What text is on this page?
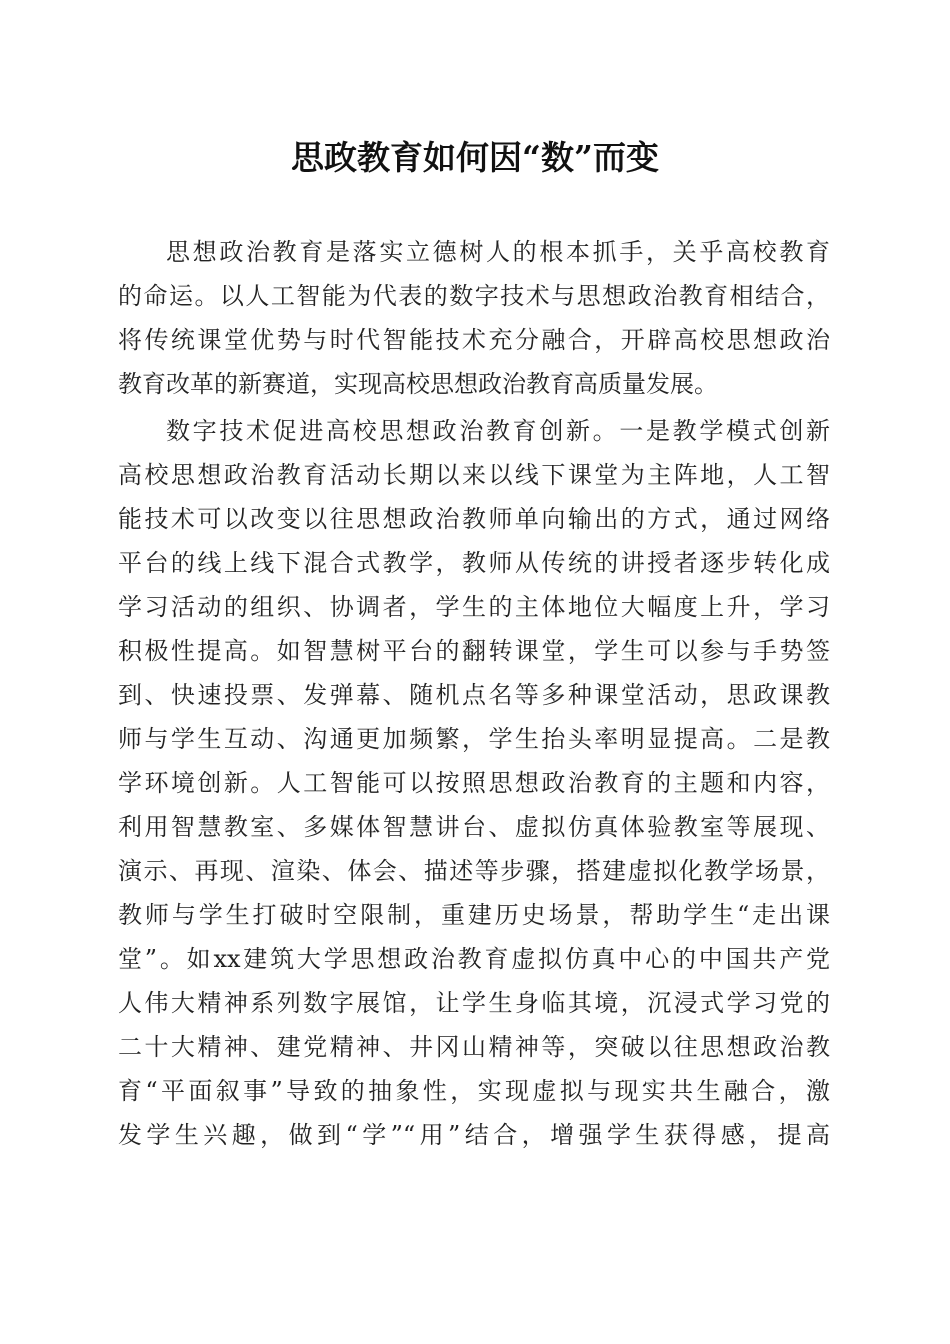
思政教育如何因“数”而变
思想政治教育是落实立德树人的根本抓手，关乎高校教育
的命运。以人工智能为代表的数字技术与思想政治教育相结合，
将传统课堂优势与时代智能技术充分融合，开辟高校思想政治
教育改革的新赛道，实现高校思想政治教育高质量发展。
数字技术促进高校思想政治教育创新。一是教学模式创新
高校思想政治教育活动长期以来以线下课堂为主阵地，人工智
能技术可以改变以往思想政治教师单向输出的方式，通过网络
平台的线上线下混合式教学，教师从传统的讲授者逐步转化成
学习活动的组织、协调者，学生的主体地位大幅度上升，学习
积极性提高。如智慧树平台的翻转课堂，学生可以参与手势签
到、快速投票、发弹幕、随机点名等多种课堂活动，思政课教
师与学生互动、沟通更加频繁，学生抬头率明显提高。二是教
学环境创新。人工智能可以按照思想政治教育的主题和内容，
利用智慧教室、多媒体智慧讲台、虚拟仿真体验教室等展现、
演示、再现、渲染、体会、描述等步骤，搭建虚拟化教学场景，
教师与学生打破时空限制，重建历史场景，帮助学生“走出课
堂”。如xx建筑大学思想政治教育虚拟仿真中心的中国共产党
人伟大精神系列数字展馆，让学生身临其境，沉浸式学习党的
二十大精神、建党精神、井冈山精神等，突破以往思想政治教
育“平面叙事”导致的抽象性，实现虚拟与现实共生融合，激
发学生兴趣，做到“学”“用”结合，增强学生获得感，提高
